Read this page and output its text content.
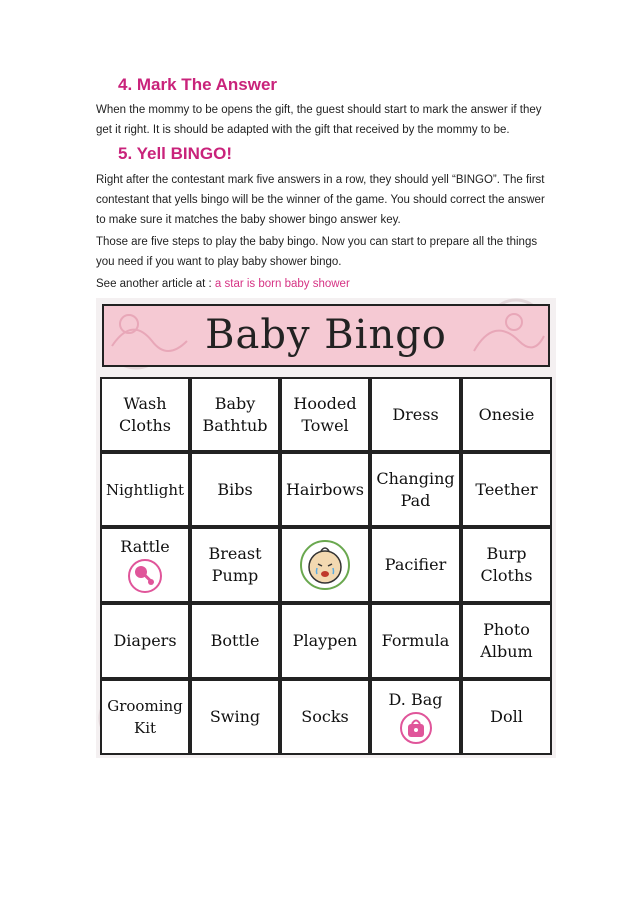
4. Mark The Answer
When the mommy to be opens the gift, the guest should start to mark the answer if they get it right. It is should be adapted with the gift that received by the mommy to be.
5. Yell BINGO!
Right after the contestant mark five answers in a row, they should yell “BINGO”. The first contestant that yells bingo will be the winner of the game. You should correct the answer to make sure it matches the baby shower bingo answer key.
Those are five steps to play the baby bingo. Now you can start to prepare all the things you need if you want to play baby shower bingo.
See another article at : a star is born baby shower
Baby Bingo
Wash
Cloths
Baby
Bathtub
Hooded
Towel
Dress Onesie
Nightlight Bibs Hairbows
Changing
Pad
Teether
Rattle Breast
Pump
Pacifier
Burp
Cloths
Diapers Bottle Playpen Formula
Photo
Album
Grooming
Kit
Swing	Socks
D. Bag
Doll
